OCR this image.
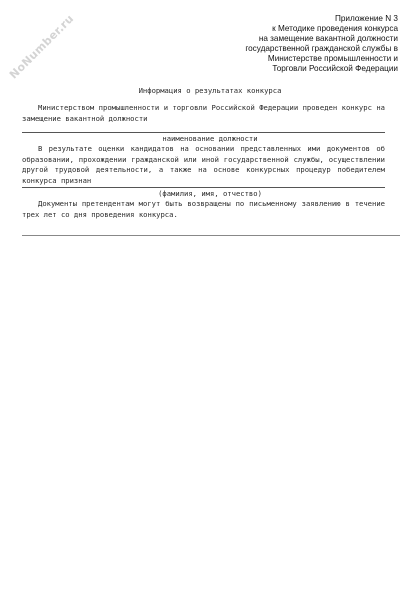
NoNumber.ru	Приложение N 3
к Методике проведения конкурса
на замещение вакантной должности
государственной гражданской службы в
Министерстве промышленности и
Торговли Российской Федерации
Информация о результатах конкурса
Министерством промышленности и торговли Российской Федерации проведен конкурс на замещение вакантной должности
наименование должности
В результате оценки кандидатов на основании представленных ими документов об образовании, прохождении гражданской или иной государственной службы, осуществлении другой трудовой деятельности, а также на основе конкурсных процедур победителем конкурса признан
(фамилия, имя, отчество)
Документы претендентам могут быть возвращены по письменному заявлению в течение трех лет со дня проведения конкурса.
